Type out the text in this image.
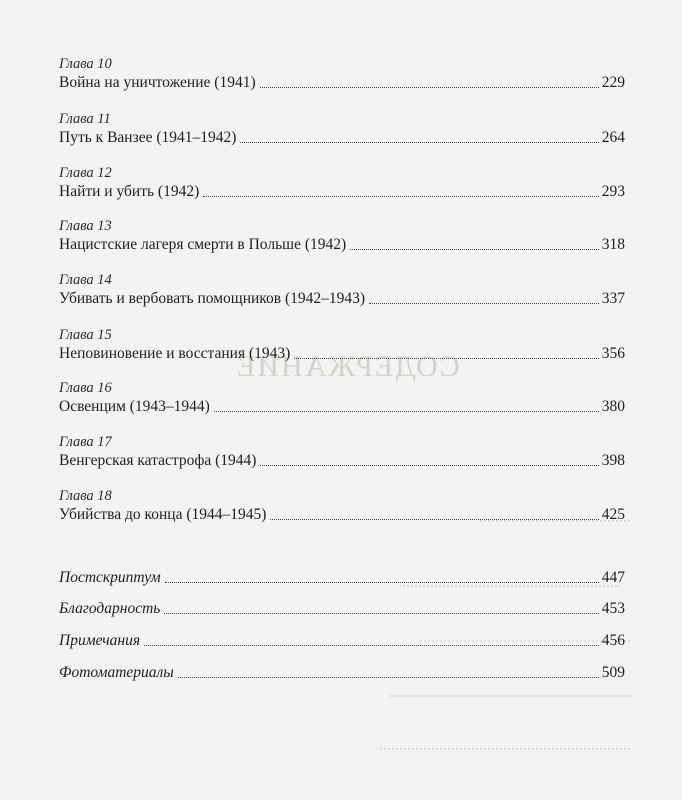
СОДЕРЖАНИЕ
Глава 10
Война на уничтожение (1941)	229
Глава 11
Путь к Ванзее (1941–1942)	264
Глава 12
Найти и убить (1942)	293
Глава 13
Нацистские лагеря смерти в Польше (1942)	318
Глава 14
Убивать и вербовать помощников (1942–1943)	337
Глава 15
Неповиновение и восстания (1943)	356
Глава 16
Освенцим (1943–1944)	380
Глава 17
Венгерская катастрофа (1944)	398
Глава 18
Убийства до конца (1944–1945)	425
Постскриптум	447
Благодарность	453
Примечания	456
Фотоматериалы	509
